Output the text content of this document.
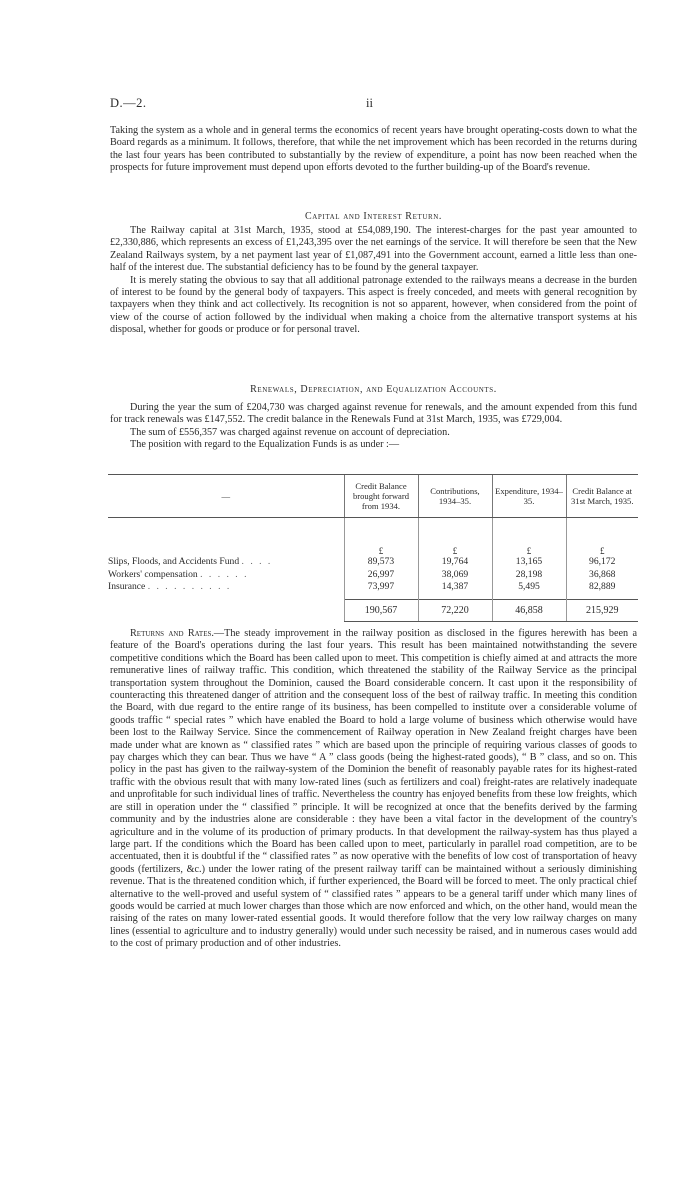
D.—2.	ii

Taking the system as a whole and in general terms the economics of recent years have brought operating-costs down to what the Board regards as a minimum. It follows, therefore, that while the net improvement which has been recorded in the returns during the last four years has been contributed to substantially by the review of expenditure, a point has now been reached when the prospects for future improvement must depend upon efforts devoted to the further building-up of the Board's revenue.

Capital and Interest Return.

The Railway capital at 31st March, 1935, stood at £54,089,190. The interest-charges for the past year amounted to £2,330,886, which represents an excess of £1,243,395 over the net earnings of the service. It will therefore be seen that the New Zealand Railways system, by a net payment last year of £1,087,491 into the Government account, earned a little less than one-half of the interest due. The substantial deficiency has to be found by the general taxpayer.

It is merely stating the obvious to say that all additional patronage extended to the railways means a decrease in the burden of interest to be found by the general body of taxpayers. This aspect is freely conceded, and meets with general recognition by taxpayers when they think and act collectively. Its recognition is not so apparent, however, when considered from the point of view of the course of action followed by the individual when making a choice from the alternative transport systems at his disposal, whether for goods or produce or for personal travel.

Renewals, Depreciation, and Equalization Accounts.

During the year the sum of £204,730 was charged against revenue for renewals, and the amount expended from this fund for track renewals was £147,552. The credit balance in the Renewals Fund at 31st March, 1935, was £729,004.

The sum of £556,357 was charged against revenue on account of depreciation.

The position with regard to the Equalization Funds is as under :—

—	Credit Balance brought forward from 1934.	Contributions, 1934–35.	Expenditure, 1934–35.	Credit Balance at 31st March, 1935.
	£	£	£	£
Slips, Floods, and Accidents Fund . . . .	89,573	19,764	13,165	96,172
Workers' compensation . . . . . .	26,997	38,069	28,198	36,868
Insurance . . . . . . . . . .	73,997	14,387	5,495	82,889

	190,567	72,220	46,858	215,929

Returns and Rates.—The steady improvement in the railway position as disclosed in the figures herewith has been a feature of the Board's operations during the last four years. This result has been maintained notwithstanding the severe competitive conditions which the Board has been called upon to meet. This competition is chiefly aimed at and attracts the more remunerative lines of railway traffic. This condition, which threatened the stability of the Railway Service as the principal transportation system throughout the Dominion, caused the Board considerable concern. It cast upon it the responsibility of counteracting this threatened danger of attrition and the consequent loss of the best of railway traffic. In meeting this condition the Board, with due regard to the entire range of its business, has been compelled to institute over a considerable volume of goods traffic “ special rates ” which have enabled the Board to hold a large volume of business which otherwise would have been lost to the Railway Service. Since the commencement of Railway operation in New Zealand freight charges have been made under what are known as “ classified rates ” which are based upon the principle of requiring various classes of goods to pay charges which they can bear. Thus we have “ A ” class goods (being the highest-rated goods), “ B ” class, and so on. This policy in the past has given to the railway-system of the Dominion the benefit of reasonably payable rates for its highest-rated traffic with the obvious result that with many low-rated lines (such as fertilizers and coal) freight-rates are relatively inadequate and unprofitable for such individual lines of traffic. Nevertheless the country has enjoyed benefits from these low freights, which are still in operation under the “ classified ” principle. It will be recognized at once that the benefits derived by the farming community and by the industries alone are considerable : they have been a vital factor in the development of the country's agriculture and in the volume of its production of primary products. In that development the railway-system has thus played a large part. If the conditions which the Board has been called upon to meet, particularly in parallel road competition, are to be accentuated, then it is doubtful if the “ classified rates ” as now operative with the benefits of low cost of transportation of heavy goods (fertilizers, &c.) under the lower rating of the present railway tariff can be maintained without a seriously diminishing revenue. That is the threatened condition which, if further experienced, the Board will be forced to meet. The only practical chief alternative to the well-proved and useful system of “ classified rates ” appears to be a general tariff under which many lines of goods would be carried at much lower charges than those which are now enforced and which, on the other hand, would mean the raising of the rates on many lower-rated essential goods. It would therefore follow that the very low railway charges on many lines (essential to agriculture and to industry generally) would under such necessity be raised, and in numerous cases would add to the cost of primary production and of other industries.
